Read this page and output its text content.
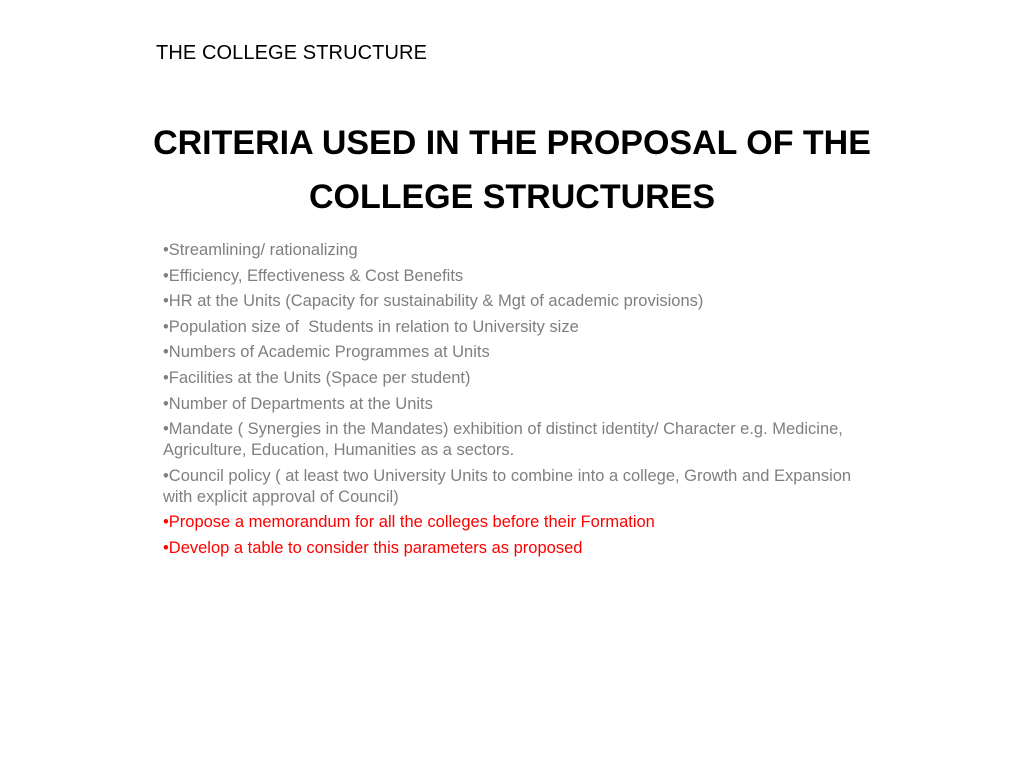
THE COLLEGE STRUCTURE
CRITERIA USED IN THE PROPOSAL OF THE
COLLEGE STRUCTURES
•Streamlining/ rationalizing
•Efficiency, Effectiveness & Cost Benefits
•HR at the Units (Capacity for sustainability & Mgt of academic provisions)
•Population size of  Students in relation to University size
•Numbers of Academic Programmes at Units
•Facilities at the Units (Space per student)
•Number of Departments at the Units
•Mandate ( Synergies in the Mandates) exhibition of distinct identity/ Character e.g. Medicine, Agriculture, Education, Humanities as a sectors.
•Council policy ( at least two University Units to combine into a college, Growth and Expansion with explicit approval of Council)
•Propose a memorandum for all the colleges before their Formation
•Develop a table to consider this parameters as proposed
